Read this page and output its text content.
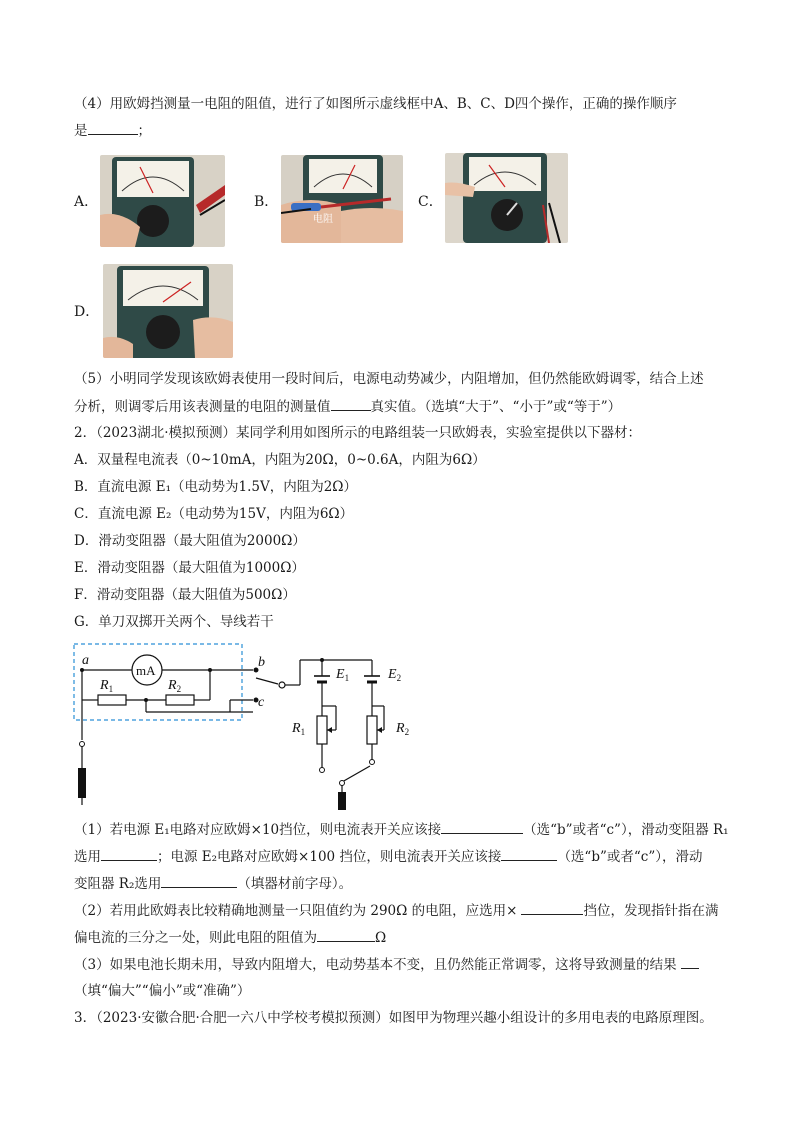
（4）用欧姆挡测量一电阻的阻值，进行了如图所示虚线框中A、B、C、D四个操作，正确的操作顺序
是	；
A．	B．	C．
D．
电阻
（5）小明同学发现该欧姆表使用一段时间后，电源电动势减少，内阻增加，但仍然能欧姆调零，结合上述
分析，则调零后用该表测量的电阻的测量值	真实值。（选填“大于”、“小于”或“等于”）
2．（2023湖北·模拟预测）某同学利用如图所示的电路组装一只欧姆表，实验室提供以下器材：
A．双量程电流表（0~10mA，内阻为20Ω，0~0.6A，内阻为6Ω）
B．直流电源 E₁（电动势为1.5V，内阻为2Ω）
C．直流电源 E₂（电动势为15V，内阻为6Ω）
D．滑动变阻器（最大阻值为2000Ω）
E．滑动变阻器（最大阻值为1000Ω）
F．滑动变阻器（最大阻值为500Ω）
G．单刀双掷开关两个、导线若干
mA
b
a
$R_1$	$R_2$
c
$E_1$	$E_2$
$R_1$	$R_2$
（1）若电源 E₁电路对应欧姆×10挡位，则电流表开关应该接	（选“b”或者“c”），滑动变阻器 R₁
选用	；电源 E₂电路对应欧姆×100 挡位，则电流表开关应该接	（选“b”或者“c”），滑动
变阻器 R₂选用	（填器材前字母）。
（2）若用此欧姆表比较精确地测量一只阻值约为 290Ω 的电阻，应选用×	挡位，发现指针指在满
偏电流的三分之一处，则此电阻的阻值为	Ω
（3）如果电池长期未用，导致内阻增大，电动势基本不变，且仍然能正常调零，这将导致测量的结果
（填“偏大”“偏小”或“准确”）
3．（2023·安徽合肥·合肥一六八中学校考模拟预测）如图甲为物理兴趣小组设计的多用电表的电路原理图。
